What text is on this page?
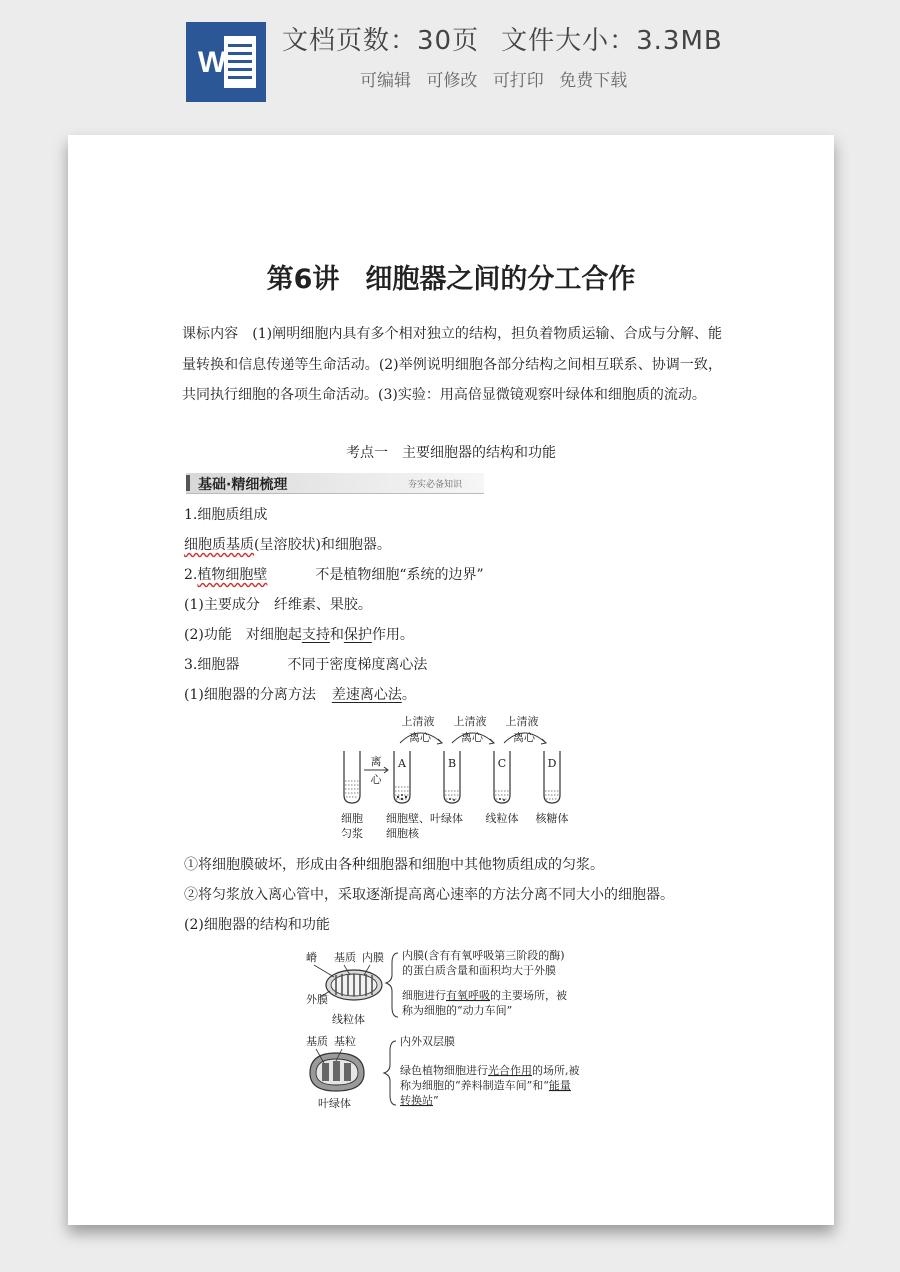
W
文档页数：30页 文件大小：3.3MB
可编辑 可修改 可打印 免费下载
第6讲 细胞器之间的分工合作
课标内容 (1)阐明细胞内具有多个相对独立的结构，担负着物质运输、合成与分解、能量转换和信息传递等生命活动。(2)举例说明细胞各部分结构之间相互联系、协调一致，共同执行细胞的各项生命活动。(3)实验：用高倍显微镜观察叶绿体和细胞质的流动。
考点一　主要细胞器的结构和功能
基础·精细梳理	夯实必备知识
1.细胞质组成
细胞质基质(呈溶胶状)和细胞器。
2.植物细胞壁	不是植物细胞“系统的边界”
(1)主要成分 纤维素、果胶。
(2)功能　对细胞起支持和保护作用。
3.细胞器	不同于密度梯度离心法
(1)细胞器的分离方法 差速离心法。
上清液 上清液 上清液
离心	离心	离心
离
心
A	B	C	D
细胞
匀浆
细胞壁、叶绿体
细胞核
线粒体 核糖体
①将细胞膜破坏，形成由各种细胞器和细胞中其他物质组成的匀浆。
②将匀浆放入离心管中，采取逐渐提高离心速率的方法分离不同大小的细胞器。
(2)细胞器的结构和功能
嵴 基质 内膜
外膜
线粒体
内膜(含有有氧呼吸第三阶段的酶)
的蛋白质含量和面积均大于外膜
细胞进行有氧呼吸的主要场所，被
称为细胞的“动力车间”
基质 基粒
叶绿体
内外双层膜
绿色植物细胞进行光合作用的场所,被
称为细胞的“养料制造车间”和“能量
转换站”
